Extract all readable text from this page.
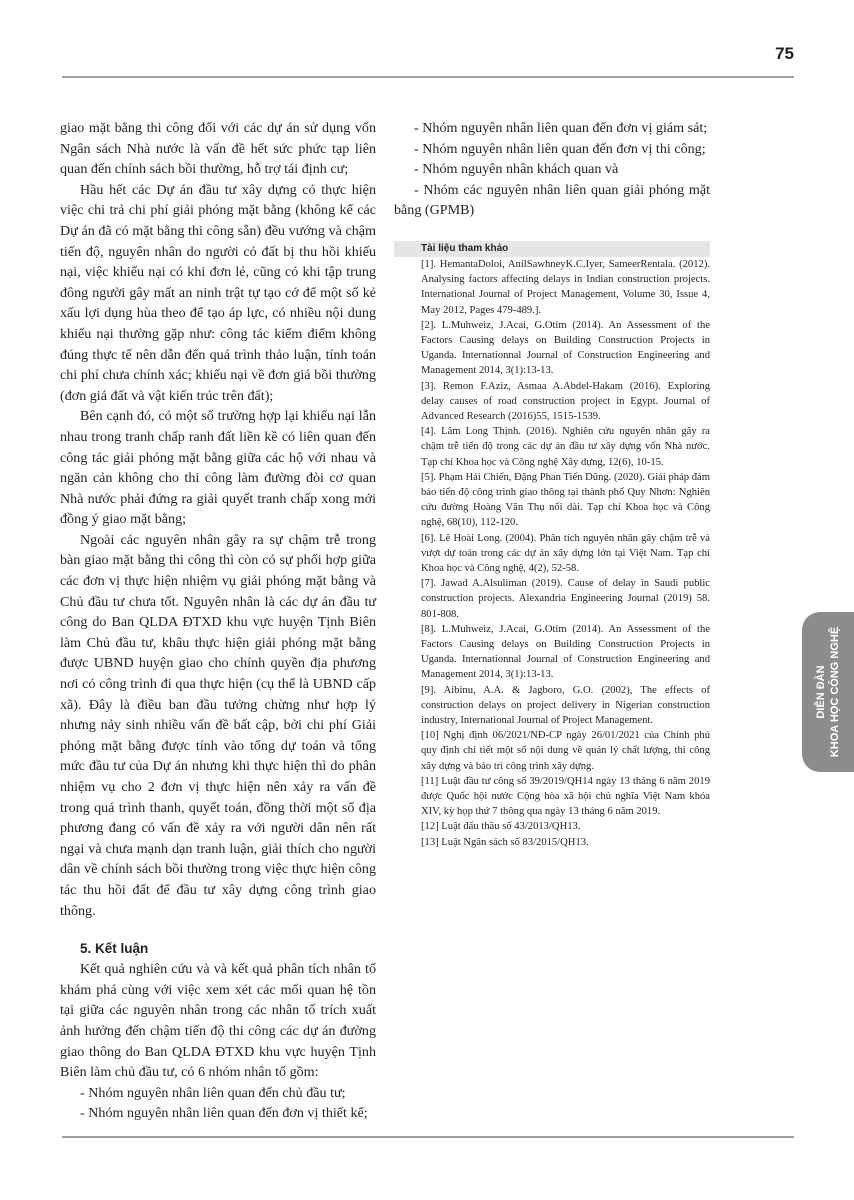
75

giao mặt bằng thi công đối với các dự án sử dụng vốn Ngân sách Nhà nước là vấn đề hết sức phức tạp liên quan đến chính sách bồi thường, hỗ trợ tái định cư;

Hầu hết các Dự án đầu tư xây dựng có thực hiện việc chi trả chi phí giải phóng mặt bằng (không kể các Dự án đã có mặt bằng thi công sẵn) đều vướng và chậm tiến độ, nguyên nhân do người có đất bị thu hồi khiếu nại, việc khiếu nại có khi đơn lẻ, cũng có khi tập trung đông người gây mất an ninh trật tự tạo cớ để một số kẻ xấu lợi dụng hùa theo để tạo áp lực, có nhiều nội dung khiếu nại thường gặp như: công tác kiểm điểm không đúng thực tế nên dẫn đến quá trình thảo luận, tính toán chi phí chưa chính xác; khiếu nại về đơn giá bồi thường (đơn giá đất và vật kiến trúc trên đất);

Bên cạnh đó, có một số trường hợp lại khiếu nại lẫn nhau trong tranh chấp ranh đất liền kề có liên quan đến công tác giải phóng mặt bằng giữa các hộ với nhau và ngăn cản không cho thi công làm đường đòi cơ quan Nhà nước phải đứng ra giải quyết tranh chấp xong mới đồng ý giao mặt bằng;

Ngoài các nguyên nhân gây ra sự chậm trễ trong bàn giao mặt bằng thi công thì còn có sự phối hợp giữa các đơn vị thực hiện nhiệm vụ giải phóng mặt bằng và Chủ đầu tư chưa tốt. Nguyên nhân là các dự án đầu tư công do Ban QLDA ĐTXD khu vực huyện Tịnh Biên làm Chủ đầu tư, khâu thực hiện giải phóng mặt bằng được UBND huyện giao cho chính quyền địa phương nơi có công trình đi qua thực hiện (cụ thể là UBND cấp xã). Đây là điều ban đầu tưởng chừng như hợp lý nhưng nảy sinh nhiều vấn đề bất cập, bởi chi phí Giải phóng mặt bằng được tính vào tổng dự toán và tổng mức đầu tư của Dự án nhưng khi thực hiện thì do phân nhiệm vụ cho 2 đơn vị thực hiện nên xảy ra vấn đề trong quá trình thanh, quyết toán, đồng thời một số địa phương đang có vấn đề xảy ra với người dân nên rất ngại và chưa mạnh dạn tranh luận, giải thích cho người dân về chính sách bồi thường trong việc thực hiện công tác thu hồi đất để đầu tư xây dựng công trình giao thông.

5. Kết luận

Kết quả nghiên cứu và và kết quả phân tích nhân tố khám phá cùng với việc xem xét các mối quan hệ tồn tại giữa các nguyên nhân trong các nhân tố trích xuất ảnh hưởng đến chậm tiến độ thi công các dự án đường giao thông do Ban QLDA ĐTXD khu vực huyện Tịnh Biên làm chủ đầu tư, có 6 nhóm nhân tố gồm:

- Nhóm nguyên nhân liên quan đến chủ đầu tư;

- Nhóm nguyên nhân liên quan đến đơn vị thiết kế;

- Nhóm nguyên nhân liên quan đến đơn vị giám sát;

- Nhóm nguyên nhân liên quan đến đơn vị thi công;

- Nhóm nguyên nhân khách quan và

- Nhóm các nguyên nhân liên quan giải phóng mặt bằng (GPMB)

Tài liệu tham khảo

[1]. HemantaDoloi, AnilSawhneyK.C.Iyer, SameerRentala. (2012). Analysing factors affecting delays in Indian construction projects. International Journal of Project Management, Volume 30, Issue 4, May 2012, Pages 479-489.].

[2]. L.Muhweiz, J.Acai, G.Otim (2014). An Assessment of the Factors Causing delays on Building Construction Projects in Uganda. Internationnal Journal of Construction Engineering and Management 2014, 3(1):13-13.

[3]. Remon F.Aziz, Asmaa A.Abdel-Hakam (2016). Exploring delay causes of road construction project in Egypt. Journal of Advanced Research (2016)55, 1515-1539.

[4]. Lâm Long Thịnh. (2016). Nghiên cứu nguyên nhân gây ra chậm trễ tiến độ trong các dự án đầu tư xây dựng vốn Nhà nước. Tạp chí Khoa học và Công nghệ Xây dựng, 12(6), 10-15.

[5]. Phạm Hải Chiến, Đặng Phan Tiến Dũng. (2020). Giải pháp đảm bảo tiến độ công trình giao thông tại thành phố Quy Nhơn: Nghiên cứu đường Hoàng Văn Thụ nối dài. Tạp chí Khoa học và Công nghệ, 68(10), 112-120.

[6]. Lê Hoài Long. (2004). Phân tích nguyên nhân gây chậm trễ và vượt dự toán trong các dự án xây dựng lớn tại Việt Nam. Tạp chí Khoa học và Công nghệ, 4(2), 52-58.

[7]. Jawad A.Alsuliman (2019). Cause of delay in Saudi public construction projects. Alexandria Engineering Journal (2019) 58. 801-808.

[8]. L.Muhweiz, J.Acai, G.Otim (2014). An Assessment of the Factors Causing delays on Building Construction Projects in Uganda. Internationnal Journal of Construction Engineering and Management 2014, 3(1):13-13.

[9]. Aibinu, A.A. & Jagboro, G.O. (2002), The effects of construction delays on project delivery in Nigerian construction industry, International Journal of Project Management.

[10] Nghị định 06/2021/NĐ-CP ngày 26/01/2021 của Chính phủ quy định chi tiết một số nội dung về quản lý chất lượng, thi công xây dựng và bảo trì công trình xây dựng.

[11] Luật đầu tư công số 39/2019/QH14 ngày 13 tháng 6 năm 2019 được Quốc hội nước Cộng hòa xã hội chủ nghĩa Việt Nam khóa XIV, kỳ họp thứ 7 thông qua ngày 13 tháng 6 năm 2019.

[12] Luật đấu thầu số 43/2013/QH13.

[13] Luật Ngân sách số 83/2015/QH13.

DIỄN ĐÀN KHOA HỌC CÔNG NGHỆ
